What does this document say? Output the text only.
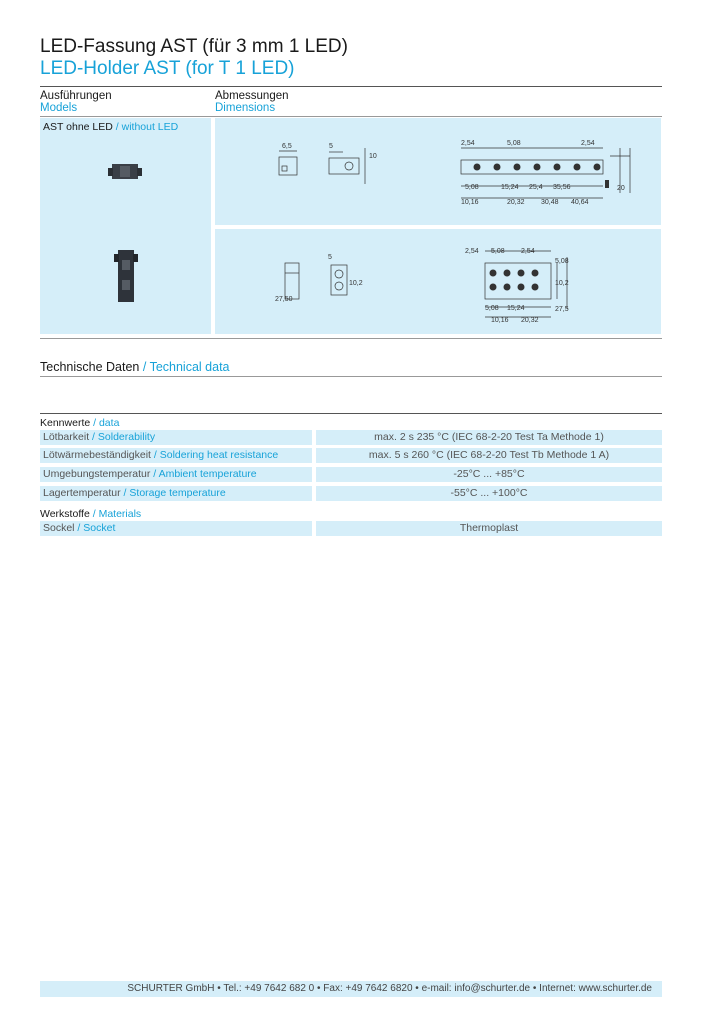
LED-Fassung AST (für 3 mm 1 LED)
LED-Holder AST (for T 1 LED)
Ausführungen
Models
Abmessungen
Dimensions
AST ohne LED / without LED
6,5	5
10
2,54	5,08	2,54
20
5,08	15,24 25,4 35,56
10,16	20,32 30,48 40,64
2,54 5,08 2,54
5,08
10,2
27,5
5
10,2
27,50
5,08 15,24
10,16 20,32
Technische Daten / Technical data
Kennwerte / data
Lötbarkeit / Solderability	max. 2 s 235 °C (IEC 68-2-20 Test Ta Methode 1)
Lötwärmebeständigkeit / Soldering heat resistance	max. 5 s 260 °C (IEC 68-2-20 Test Tb Methode 1 A)
Umgebungstemperatur / Ambient temperature	-25°C ... +85°C
Lagertemperatur / Storage temperature	-55°C ... +100°C
Werkstoffe / Materials
Sockel / Socket	Thermoplast
SCHURTER GmbH • Tel.: +49 7642 682 0 • Fax: +49 7642 6820 • e-mail: info@schurter.de • Internet: www.schurter.de
